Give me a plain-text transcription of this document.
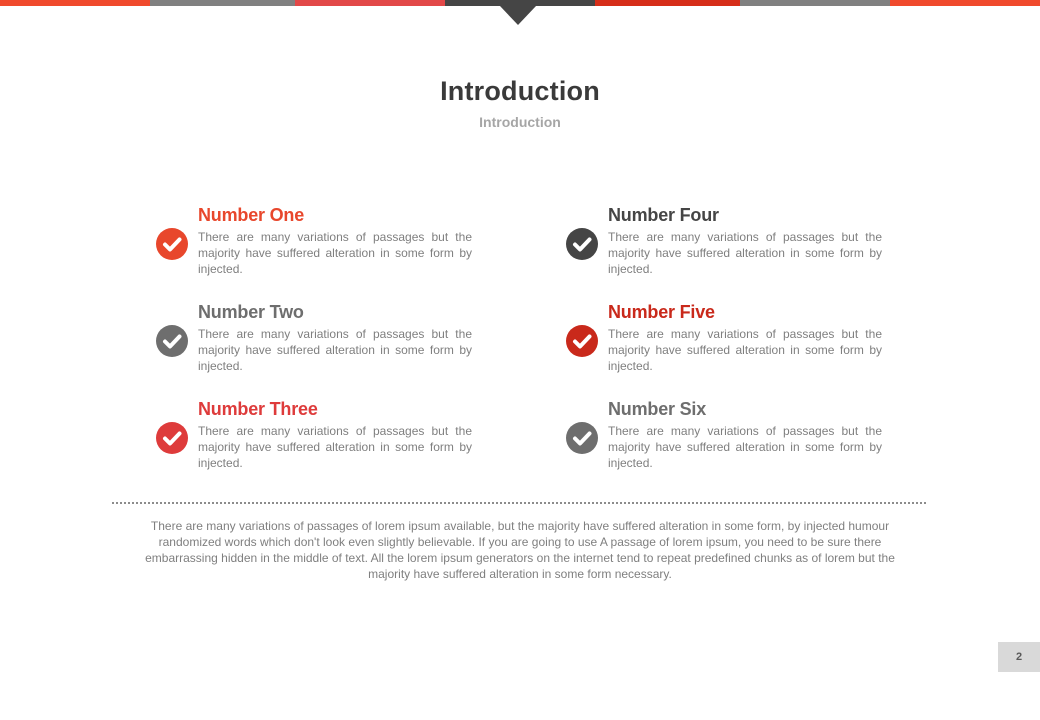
Introduction
Introduction
Number One
There are many variations of passages but the majority have suffered alteration in some form by injected.
Number Two
There are many variations of passages but the majority have suffered alteration in some form by injected.
Number Three
There are many variations of passages but the majority have suffered alteration in some form by injected.
Number Four
There are many variations of passages but the majority have suffered alteration in some form by injected.
Number Five
There are many variations of passages but the majority have suffered alteration in some form by injected.
Number Six
There are many variations of passages but the majority have suffered alteration in some form by injected.
There are many variations of passages of lorem ipsum available, but the majority have suffered alteration in some form, by injected humour randomized words which don't look even slightly believable. If you are going to use A passage of lorem ipsum, you need to be sure there embarrassing hidden in the middle of text. All the lorem ipsum generators on the internet tend to repeat predefined chunks as of lorem but the majority have suffered alteration in some form necessary.
2
